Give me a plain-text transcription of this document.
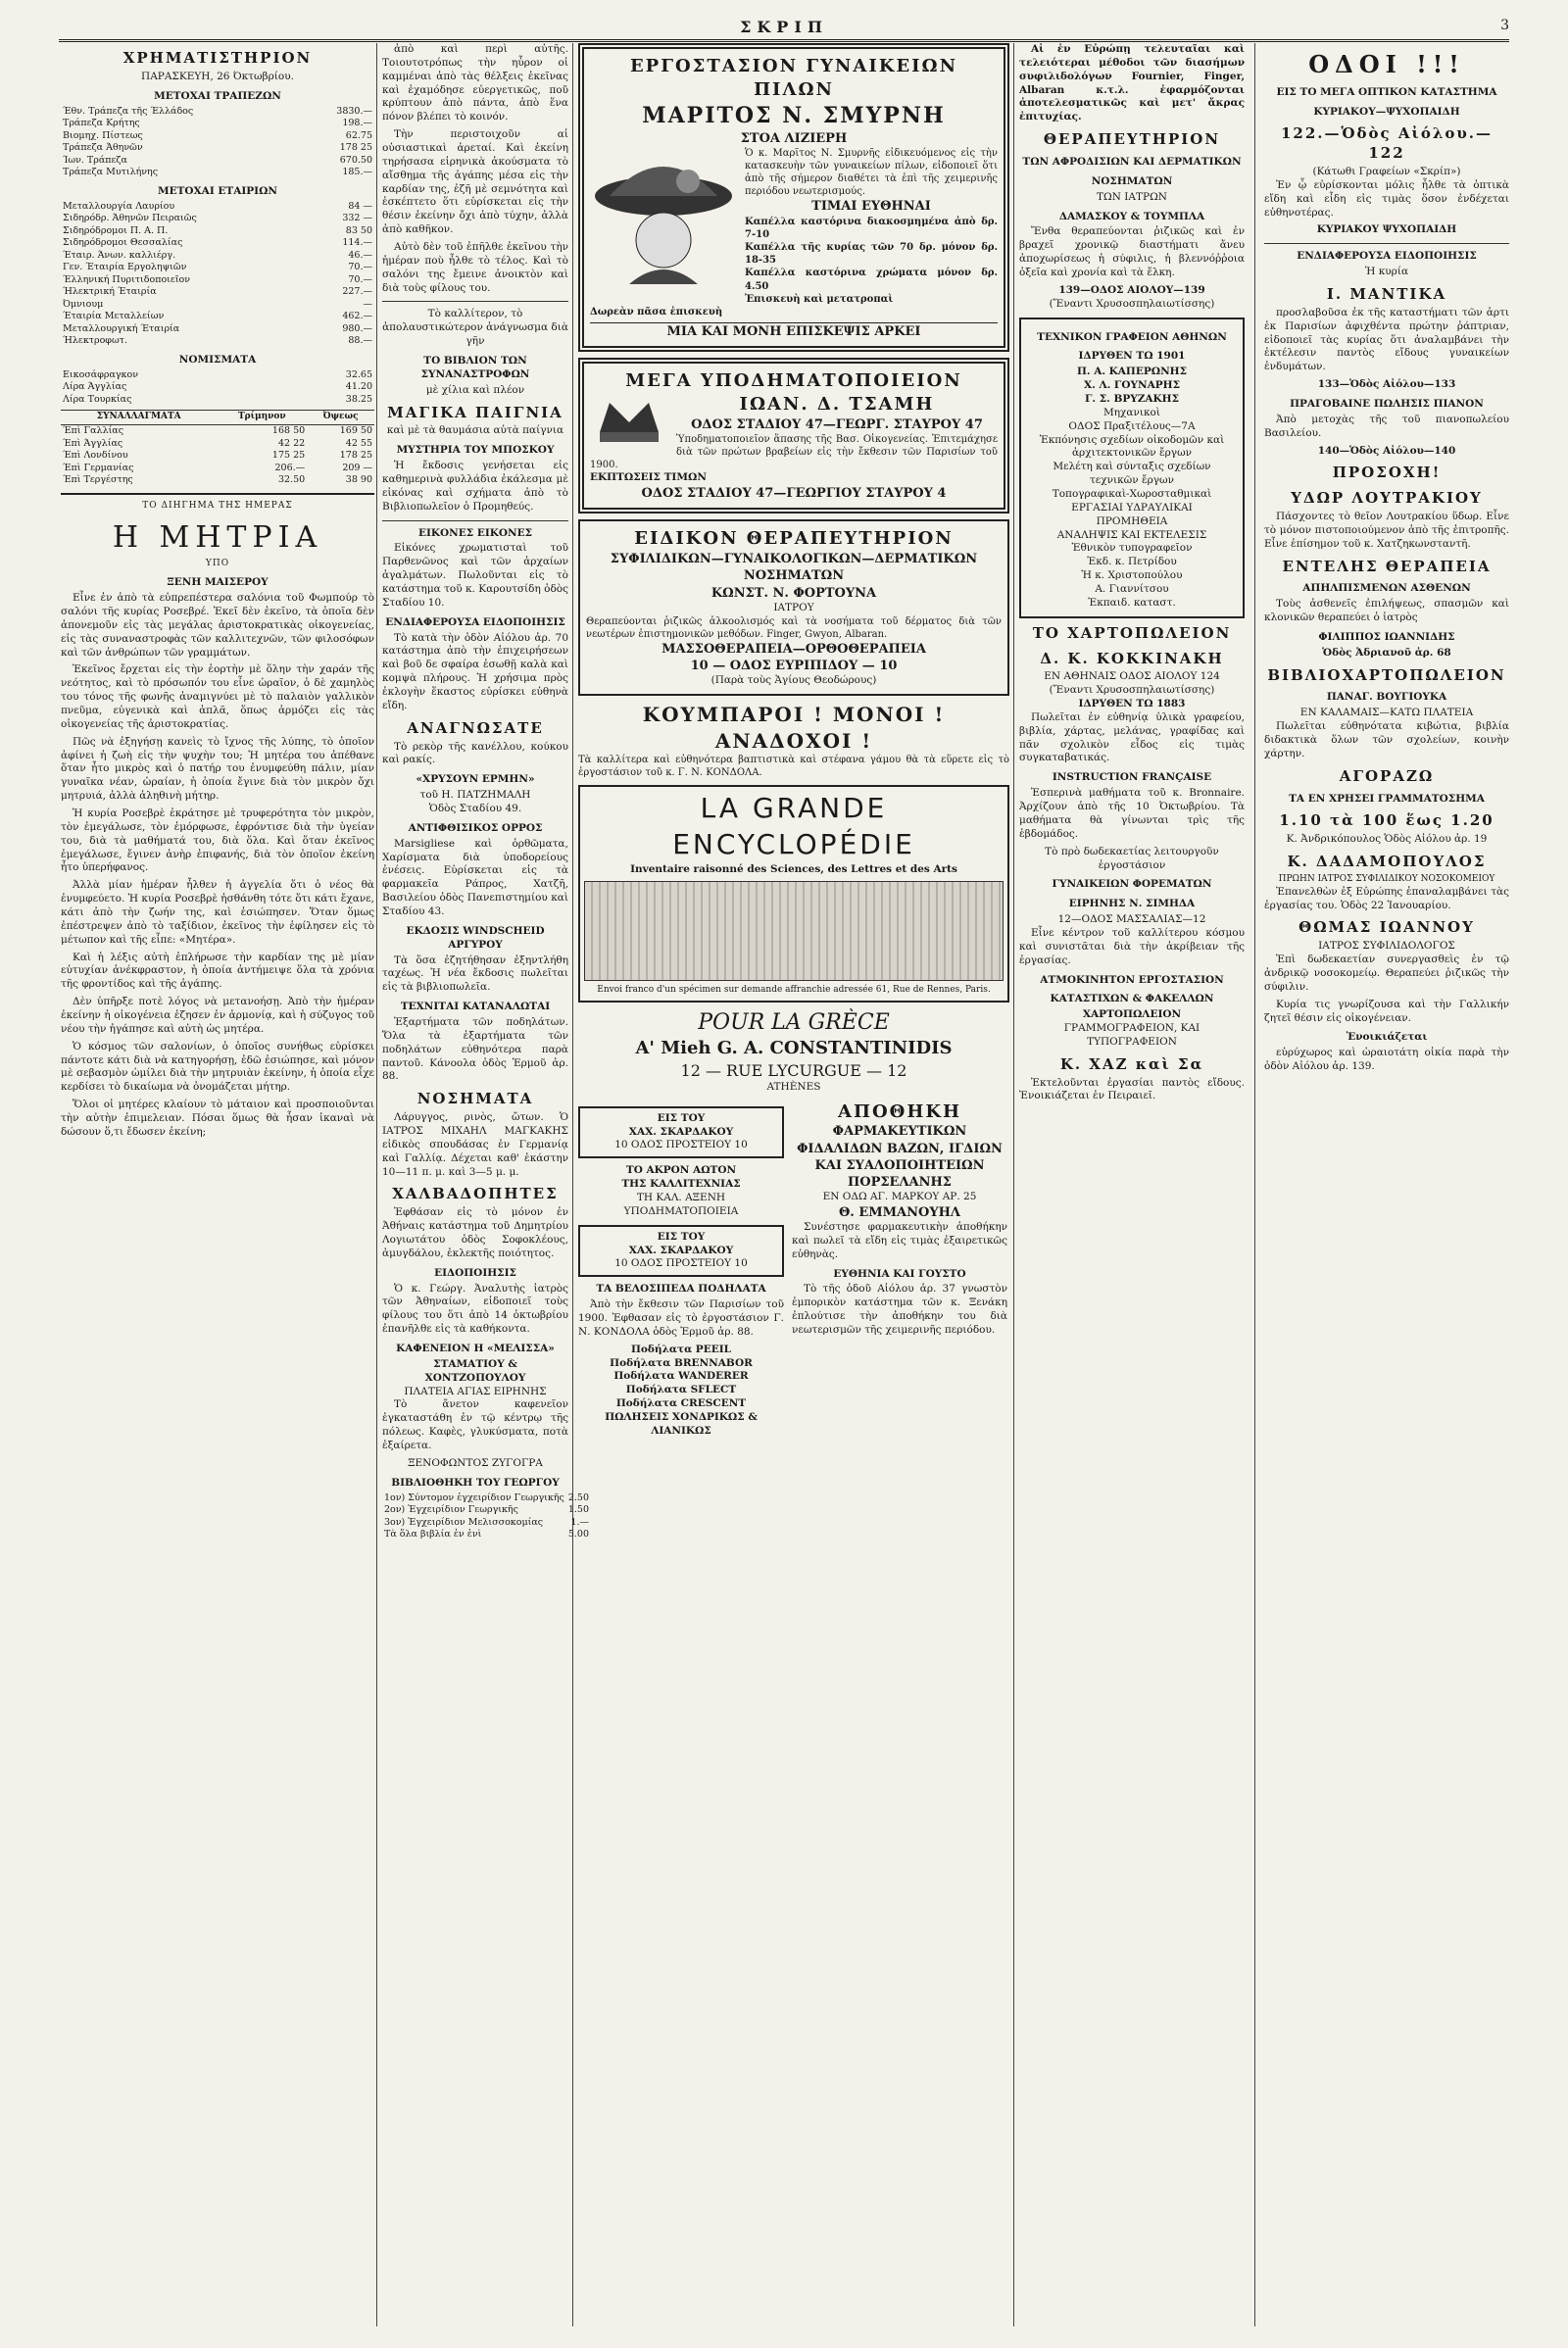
ΣΚΡΙΠ	3
ΧΡΗΜΑΤΙΣΤΗΡΙΟΝ
ΠΑΡΑΣΚΕΥΗ, 26 Όκτωβρίου.
ΜΕΤΟΧΑΙ ΤΡΑΠΕΖΩΝ
Έθν. Τράπεζα τῆς Έλλάδος	3830.—
Τράπεζα Κρήτης	198.—
Βιομηχ. Πίστεως	62.75
Τράπεζα Άθηνῶν	178 25
Ίων. Τράπεζα	670.50
Τράπεζα Μυτιλήνης	185.—
ΜΕΤΟΧΑΙ ΕΤΑΙΡΙΩΝ
Μεταλλουργία Λαυρίου	84 —
Σιδηρόδρ. Άθηνῶν Πειραιῶς	332 —
Σιδηρόδρομοι Π. Α. Π.	83 50
Σιδηρόδρομοι Θεσσαλίας	114.—
Έταιρ. Άνων. καλλιέργ.	46.—
Γεν. Έταιρία Εργοληψιῶν	70.—
Έλληνική Πυριτιδοποιεῖον	70.—
Ήλεκτρική Έταιρία	227.—
Όμνιουμ	—
Έταιρία Μεταλλείων	462.—
Μεταλλουργική Έταιρία	980.—
Ήλεκτροφωτ.	88.—
ΝΟΜΙΣΜΑΤΑ
Εικοσάφραγκον	32.65
Λίρα Άγγλίας	41.20
Λίρα Τουρκίας	38.25
ΣΥΝΑΛΛΑΓΜΑΤΑ	Τρίμηνον	Όψεως
Έπὶ Γαλλίας	168 50	169 50
Έπὶ Άγγλίας	42 22	42 55
Έπὶ Λονδίνου	175 25	178 25
Έπὶ Γερμανίας	206.—	209 —
Έπὶ Τεργέστης	32.50	38 90
ΤΟ ΔΙΗΓΗΜΑ ΤΗΣ ΗΜΕΡΑΣ
Η ΜΗΤΡΙΑ
ΥΠΟ
ΞΕΝΗ ΜΑΙΣΕΡΟΥ
Εἶνε ἐν ἀπὸ τὰ εὐπρεπέστερα σαλόνια τοῦ Φωμπούρ τὸ σαλόνι τῆς κυρίας Ροσεβρέ. Ἐκεῖ δὲν ἐκεῖνο, τὰ ὁποῖα δὲν ἀπονεμοῦν εἰς τὰς μεγάλας ἀριστοκρατικὰς οἰκογενείας, εἰς τὰς συναναστροφὰς τῶν καλλιτεχνῶν, τῶν φιλοσόφων καὶ τῶν ἀνθρώπων τῶν γραμμάτων.
Ἐκεῖνος ἔρχεται εἰς τὴν ἑορτὴν μὲ ὅλην τὴν χαράν τῆς νεότητος, καὶ τὸ πρόσωπόν του εἶνε ὡραῖον, ὁ δὲ χαμηλὸς του τόνος τῆς φωνῆς ἀναμιγνύει μὲ τὸ παλαιὸν γαλλικὸν πνεῦμα, εὐγενικὰ καὶ ἁπλᾶ, ὅπως ἁρμόζει εἰς τὰς οἰκογενείας τῆς ἀριστοκρατίας.
Πῶς νὰ ἐξηγήσῃ κανεὶς τὸ ἴχνος τῆς λύπης, τὸ ὁποῖον ἀφίνει ἡ ζωὴ εἰς τὴν ψυχὴν του; Ἡ μητέρα του ἀπέθανε ὅταν ἦτο μικρὸς καὶ ὁ πατήρ του ἐνυμφεύθη πάλιν, μίαν γυναῖκα νέαν, ὡραίαν, ἡ ὁποία ἔγινε διὰ τὸν μικρὸν ὄχι μητρυιά, ἀλλὰ ἀληθινὴ μήτηρ.
Ἡ κυρία Ροσεβρὲ ἐκράτησε μὲ τρυφερότητα τὸν μικρὸν, τὸν ἐμεγάλωσε, τὸν ἐμόρφωσε, ἐφρόντισε διὰ τὴν ὑγείαν του, διὰ τὰ μαθήματά του, διὰ ὅλα. Καὶ ὅταν ἐκεῖνος ἐμεγάλωσε, ἔγινεν ἀνὴρ ἐπιφανής, διὰ τὸν ὁποῖον ἐκείνη ἦτο ὑπερήφανος.
Ἀλλὰ μίαν ἡμέραν ἦλθεν ἡ ἀγγελία ὅτι ὁ νέος θὰ ἐνυμφεύετο. Ἡ κυρία Ροσεβρὲ ἠσθάνθη τότε ὅτι κάτι ἔχανε, κάτι ἀπὸ τὴν ζωήν της, καὶ ἐσιώπησεν. Ὅταν ὅμως ἐπέστρεψεν ἀπὸ τὸ ταξίδιον, ἐκεῖνος τὴν ἐφίλησεν εἰς τὸ μέτωπον καὶ τῆς εἶπε: «Μητέρα».
Καὶ ἡ λέξις αὐτὴ ἐπλήρωσε τὴν καρδίαν της μὲ μίαν εὐτυχίαν ἀνέκφραστον, ἡ ὁποία ἀντήμειψε ὅλα τὰ χρόνια τῆς φροντίδος καὶ τῆς ἀγάπης.
Δὲν ὑπῆρξε ποτὲ λόγος νὰ μετανοήσῃ. Ἀπὸ τὴν ἡμέραν ἐκείνην ἡ οἰκογένεια ἐζησεν ἐν ἁρμονίᾳ, καὶ ἡ σύζυγος τοῦ νέου τὴν ἠγάπησε καὶ αὐτὴ ὡς μητέρα.
Ὁ κόσμος τῶν σαλονίων, ὁ ὁποῖος συνήθως εὑρίσκει πάντοτε κάτι διὰ νὰ κατηγορήσῃ, ἐδῶ ἐσιώπησε, καὶ μόνον μὲ σεβασμὸν ὡμίλει διὰ τὴν μητρυιὰν ἐκείνην, ἡ ὁποία εἶχε κερδίσει τὸ δικαίωμα νὰ ὀνομάζεται μήτηρ.
Ὅλοι οἱ μητέρες κλαίουν τὸ μάταιον καὶ προσποιοῦνται τὴν αὐτὴν ἐπιμελειαν. Πόσαι ὅμως θὰ ἦσαν ἱκαναὶ νὰ δώσουν ὅ,τι ἔδωσεν ἐκείνη;
ἀπὸ καὶ περὶ αὐτῆς. Τοιουτοτρόπως τὴν ηὗρον οἱ καμμέναι ἀπὸ τὰς θέλξεις ἐκεῖνας καὶ ἐχαμόδησε εὐεργετικῶς, ποῦ κρύπτουν ἀπὸ πάντα, ἀπὸ ἕνα πόνον βλέπει τὸ κοινόν.
Τὴν περιστοιχοῦν αἱ οὐσιαστικαὶ ἀρεταί. Καὶ ἐκείνη τηρήσασα εἰρηνικὰ ἀκούσματα τὸ αἴσθημα τῆς ἀγάπης μέσα εἰς τὴν καρδίαν της, ἐζῆ μὲ σεμνότητα καὶ ἐσκέπτετο ὅτι εὑρίσκεται εἰς τὴν θέσιν ἐκείνην ὄχι ἀπὸ τύχην, ἀλλὰ ἀπὸ καθῆκον.
Αὐτὸ δὲν τοῦ ἐπῆλθε ἐκεῖνου τὴν ἡμέραν ποὺ ἦλθε τὸ τέλος. Καὶ τὸ σαλόνι της ἔμεινε ἀνοικτὸν καὶ διὰ τοὺς φίλους του.
Τὸ καλλίτερον, τὸ ἀπολαυστικώτερον ἀνάγνωσμα διὰ γῆν
ΤΟ ΒΙΒΛΙΟΝ ΤΩΝ ΣΥΝΑΝΑΣΤΡΟΦΩΝ
μὲ χίλια καὶ πλέον
ΜΑΓΙΚΑ ΠΑΙΓΝΙΑ
καὶ μὲ τὰ θαυμάσια αὐτὰ παίγνια
ΜΥΣΤΗΡΙΑ ΤΟΥ ΜΠΟΣΚΟΥ
Ἡ ἔκδοσις γενήσεται εἰς καθημερινὰ φυλλάδια ἐκάλεσμα μὲ εἰκόνας καὶ σχήματα ἀπὸ τὸ Βιβλιοπωλεῖον ὁ Προμηθεύς.
ΕΙΚΟΝΕΣ ΕΙΚΟΝΕΣ
Εἰκόνες χρωματισταὶ τοῦ Παρθενῶνος καὶ τῶν ἀρχαίων ἀγαλμάτων. Πωλοῦνται εἰς τὸ κατάστημα τοῦ κ. Καρουτσίδη ὁδὸς Σταδίου 10.
ΕΝΔΙΑΦΕΡΟΥΣΑ ΕΙΔΟΠΟΙΗΣΙΣ
Τὸ κατὰ τὴν ὁδὸν Αἰόλου ἀρ. 70 κατάστημα ἀπὸ τὴν ἐπιχειρήσεων καὶ βοῦ δε σφαίρα ἐσωθῇ καλὰ καὶ κομψὰ πλήρους. Ἡ χρήσιμα πρὸς ἐκλογὴν ἕκαστος εὑρίσκει εὐθηνὰ εἴδη.
ΑΝΑΓΝΩΣΑΤΕ
Τὸ ρεκὸρ τῆς κανέλλου, κούκου καὶ ρακίς.
«ΧΡΥΣΟΥΝ ΕΡΜΗΝ»
τοῦ Η. ΠΑΤΖΗΜΑΛΗ
Ὁδὸς Σταδίου 49.
ΑΝΤΙΦΘΙΣΙΚΟΣ ΟΡΡΟΣ
Marsigliese καὶ ὀρθῶματα, Χαρίσματα διὰ ὑποδορείους ἐνέσεις. Εὑρίσκεται εἰς τὰ φαρμακεῖα Ράπρος, Χατζῆ, Βασιλείου ὁδὸς Πανεπιστημίου καὶ Σταδίου 43.
ΕΚΔΟΣΙΣ WINDSCHEID ΑΡΓΥΡΟΥ
Τὰ ὅσα ἐζητήθησαν ἐξηντλήθη ταχέως. Ἡ νέα ἔκδοσις πωλεῖται εἰς τὰ βιβλιοπωλεῖα.
ΤΕΧΝΙΤΑΙ ΚΑΤΑΝΑΛΩΤΑΙ
Ἐξαρτήματα τῶν ποδηλάτων. Ὅλα τὰ ἐξαρτήματα τῶν ποδηλάτων εὐθηνότερα παρὰ παντοῦ. Κάνοολα ὁδὸς Ἑρμοῦ ἀρ. 88.
ΝΟΣΗΜΑΤΑ
Λάρυγγος, ρινὸς, ὤτων. Ὁ ΙΑΤΡΟΣ ΜΙΧΑΗΛ ΜΑΓΚΑΚΗΣ εἰδικὸς σπουδάσας ἐν Γερμανίᾳ καὶ Γαλλίᾳ. Δέχεται καθ' ἑκάστην 10—11 π. μ. καὶ 3—5 μ. μ.
ΧΑΛΒΑΔΟΠΗΤΕΣ
Ἐφθάσαν εἰς τὸ μόνον ἐν Ἀθήναις κατάστημα τοῦ Δημητρίου Λογιωτάτου ὁδὸς Σοφοκλέους, ἀμυγδάλου, ἐκλεκτῆς ποιότητος.
ΕΙΔΟΠΟΙΗΣΙΣ
Ὁ κ. Γεώργ. Ἀναλυτὴς ἱατρὸς τῶν Ἀθηναίων, εἰδοποιεῖ τοὺς φίλους του ὅτι ἀπὸ 14 ὀκτωβρίου ἐπανῆλθε εἰς τὰ καθήκοντα.
ΚΑΦΕΝΕΙΟΝ Η «ΜΕΛΙΣΣΑ»
ΣΤΑΜΑΤΙΟΥ & ΧΟΝΤΖΟΠΟΥΛΟΥ
ΠΛΑΤΕΙΑ ΑΓΙΑΣ ΕΙΡΗΝΗΣ
Τὸ ἄνετον καφενεῖον ἐγκαταστάθη ἐν τῷ κέντρῳ τῆς πόλεως. Καφὲς, γλυκύσματα, ποτὰ ἐξαίρετα.
ΞΕΝΟΦΩΝΤΟΣ ΖΥΓΟΓΡΑ
ΒΙΒΛΙΟΘΗΚΗ ΤΟΥ ΓΕΩΡΓΟΥ
1ον) Σύντομον ἐγχειρίδιον Γεωργικῆς	2.50
2ον) Ἐγχειρίδιον Γεωργικῆς	1.50
3ον) Ἐγχειρίδιον Μελισσοκομίας	1.—
Τὰ ὅλα βιβλία ἐν ἑνὶ	5.00
ΕΡΓΟΣΤΑΣΙΟΝ ΓΥΝΑΙΚΕΙΩΝ ΠΙΛΩΝ
ΜΑΡΙΤΟΣ Ν. ΣΜΥΡΝΗ
ΣΤΟΑ ΛΙΖΙΕΡΗ
Ὁ κ. Μαρῖτος Ν. Σμυρνῆς εἰδικευόμενος εἰς τὴν κατασκευὴν τῶν γυναικείων πίλων, εἰδοποιεῖ ὅτι ἀπὸ τῆς σήμερον διαθέτει τὰ ἐπὶ τῆς χειμερινῆς περιόδου νεωτερισμούς.
ΤΙΜΑΙ ΕΥΘΗΝΑΙ
Καπέλλα καστόρινα διακοσμημένα ἀπὸ δρ. 7-10
Καπέλλα τῆς κυρίας τῶν 70 δρ. μόνον δρ. 18-35
Καπέλλα καστόρινα χρώματα μόνον δρ. 4.50
Ἐπισκευὴ καὶ μετατροπαὶ
Δωρεὰν πᾶσα ἐπισκευὴ
ΜΙΑ ΚΑΙ ΜΟΝΗ ΕΠΙΣΚΕΨΙΣ ΑΡΚΕΙ
ΜΕΓΑ ΥΠΟΔΗΜΑΤΟΠΟΙΕΙΟΝ
ΙΩΑΝ. Δ. ΤΣΑΜΗ
ΟΔΟΣ ΣΤΑΔΙΟΥ 47—ΓΕΩΡΓ. ΣΤΑΥΡΟΥ 47
Ὑποδηματοποιεῖον ἅπασης τῆς Βασ. Οἰκογενείας. Ἐπιτεμάχησε διὰ τῶν πρώτων βραβείων εἰς τὴν ἔκθεσιν τῶν Παρισίων τοῦ 1900.
ΕΚΠΤΩΣΕΙΣ ΤΙΜΩΝ
ΟΔΟΣ ΣΤΑΔΙΟΥ 47—ΓΕΩΡΓΙΟΥ ΣΤΑΥΡΟΥ 4
ΕΙΔΙΚΟΝ ΘΕΡΑΠΕΥΤΗΡΙΟΝ
ΣΥΦΙΛΙΔΙΚΩΝ—ΓΥΝΑΙΚΟΛΟΓΙΚΩΝ—ΔΕΡΜΑΤΙΚΩΝ ΝΟΣΗΜΑΤΩΝ
ΚΩΝΣΤ. Ν. ΦΟΡΤΟΥΝΑ
ΙΑΤΡΟΥ
Θεραπεύονται ῥιζικῶς ἀλκοολισμός καὶ τὰ νοσήματα τοῦ δέρματος διὰ τῶν νεωτέρων ἐπιστημονικῶν μεθόδων. Finger, Gwyon, Albaran.
ΜΑΣΣΟΘΕΡΑΠΕΙΑ—ΟΡΘΟΘΕΡΑΠΕΙΑ
10 — ΟΔΟΣ ΕΥΡΙΠΙΔΟΥ — 10
(Παρὰ τοὺς Ἁγίους Θεοδώρους)
ΚΟΥΜΠΑΡΟΙ ! ΜΟΝΟΙ ! ΑΝΑΔΟΧΟΙ !
Τὰ καλλίτερα καὶ εὐθηνότερα βαπτιστικὰ καὶ στέφανα γάμου θὰ τὰ εὕρετε εἰς τὸ ἐργοστάσιον τοῦ κ. Γ. Ν. ΚΟΝΔΟΛΑ.
LA GRANDE ENCYCLOPÉDIE
Inventaire raisonné des Sciences, des Lettres et des Arts
Envoi franco d'un spécimen sur demande affranchie adressée 61, Rue de Rennes, Paris.
POUR LA GRÈCE
A' Mieh G. A. CONSTANTINIDIS
12 — RUE LYCURGUE — 12
ATHÈNES
ΕΙΣ ΤΟΥ
ΧΑΧ. ΣΚΑΡΔΑΚΟΥ
10 ΟΔΟΣ ΠΡΟΣΤΕΙΟΥ 10
ΤΟ ΑΚΡΟΝ ΑΩΤΟΝ
ΤΗΣ ΚΑΛΛΙΤΕΧΝΙΑΣ
ΤΗ ΚΑΛ. ΑΞΕΝΗ ΥΠΟΔΗΜΑΤΟΠΟΙΕΙΑ
ΕΙΣ ΤΟΥ
ΧΑΧ. ΣΚΑΡΔΑΚΟΥ
10 ΟΔΟΣ ΠΡΟΣΤΕΙΟΥ 10
ΤΑ ΒΕΛΟΣΙΠΕΔΑ ΠΟΔΗΛΑΤΑ
Ἀπὸ τὴν ἔκθεσιν τῶν Παρισίων τοῦ 1900. Ἐφθασαν εἰς τὸ ἐργοστάσιον Γ. Ν. ΚΟΝΔΟΛΑ ὁδὸς Ἑρμοῦ ἀρ. 88.
Ποδήλατα PEEIL
Ποδήλατα BRENNABOR
Ποδήλατα WANDERER
Ποδήλατα SFLECT
Ποδήλατα CRESCENT
ΠΩΛΗΣΕΙΣ ΧΟΝΔΡΙΚΩΣ & ΛΙΑΝΙΚΩΣ
ΑΠΟΘΗΚΗ
ΦΑΡΜΑΚΕΥΤΙΚΩΝ ΦΙΔΑΛΙΔΩΝ ΒΑΖΩΝ, ΙΓΔΙΩΝ
ΚΑΙ ΣΥΑΛΟΠΟΙΗΤΕΙΩΝ ΠΟΡΣΕΛΑΝΗΣ
ΕΝ ΟΔΩ ΑΓ. ΜΑΡΚΟΥ ΑΡ. 25
Θ. ΕΜΜΑΝΟΥΗΛ
Συνέστησε φαρμακευτικὴν ἀποθήκην καὶ πωλεῖ τὰ εἴδη εἰς τιμὰς ἐξαιρετικῶς εὐθηνὰς.
ΕΥΘΗΝΙΑ ΚΑΙ ΓΟΥΣΤΟ
Τὸ τῆς ὁδοῦ Αἰόλου ἀρ. 37 γνωστὸν ἐμπορικὸν κατάστημα τῶν κ. Ξενάκη ἐπλούτισε τὴν ἀποθήκην του διὰ νεωτερισμῶν τῆς χειμερινῆς περιόδου.
Αἱ ἐν Εὐρώπῃ τελευταῖαι καὶ τελειότεραι μέθοδοι τῶν διασήμων συφιλιδολόγων Fournier, Finger, Albaran κ.τ.λ. ἐφαρμόζονται ἀποτελεσματικῶς καὶ μετ' ἄκρας ἐπιτυχίας.
ΘΕΡΑΠΕΥΤΗΡΙΟΝ
ΤΩΝ ΑΦΡΟΔΙΣΙΩΝ ΚΑΙ ΔΕΡΜΑΤΙΚΩΝ
ΝΟΣΗΜΑΤΩΝ
ΤΩΝ ΙΑΤΡΩΝ
ΔΑΜΑΣΚΟΥ & ΤΟΥΜΠΛΑ
Ἔνθα θεραπεύονται ῥιζικῶς καὶ ἐν βραχεῖ χρονικῷ διαστήματι ἄνευ ἀποχωρίσεως ἡ σύφιλις, ἡ βλεννόῤῥοια ὀξεῖα καὶ χρονία καὶ τὰ ἕλκη.
139—ΟΔΟΣ ΑΙΟΛΟΥ—139
(Ἔναντι Χρυσοσπηλαιωτίσσης)
ΤΕΧΝΙΚΟΝ ΓΡΑΦΕΙΟΝ ΑΘΗΝΩΝ
ΙΔΡΥΘΕΝ ΤΩ 1901
Π. Α. ΚΑΠΕΡΩΝΗΣ
Χ. Λ. ΓΟΥΝΑΡΗΣ
Γ. Σ. ΒΡΥΖΑΚΗΣ
Μηχανικοὶ
ΟΔΟΣ Πραξιτέλους—7Α
Ἐκπόνησις σχεδίων οἰκοδομῶν καὶ ἀρχιτεκτονικῶν ἔργων
Μελέτη καὶ σύνταξις σχεδίων τεχνικῶν ἔργων
Τοπογραφικαὶ-Χωροσταθμικαὶ
ΕΡΓΑΣΙΑΙ ΥΔΡΑΥΛΙΚΑΙ
ΠΡΟΜΗΘΕΙΑ
ΑΝΑΛΗΨΙΣ ΚΑΙ ΕΚΤΕΛΕΣΙΣ
Ἐθνικὸν τυπογραφεῖον
Ἐκδ. κ. Πετρίδου
Ἡ κ. Χριστοπούλου
Α. Γιαννίτσου
Ἐκπαιδ. καταστ.
ΤΟ ΧΑΡΤΟΠΩΛΕΙΟΝ
Δ. Κ. ΚΟΚΚΙΝΑΚΗ
ΕΝ ΑΘΗΝΑΙΣ ΟΔΟΣ ΑΙΟΛΟΥ 124
(Ἔναντι Χρυσοσπηλαιωτίσσης)
ΙΔΡΥΘΕΝ ΤΩ 1883
Πωλεῖται ἐν εὐθηνίᾳ ὑλικὰ γραφείου, βιβλία, χάρτας, μελάνας, γραφίδας καὶ πᾶν σχολικὸν εἶδος εἰς τιμὰς συγκαταβατικάς.
INSTRUCTION FRANÇAISE
Ἐσπερινὰ μαθήματα τοῦ κ. Bronnaire. Ἀρχίζουν ἀπὸ τῆς 10 Ὀκτωβρίου. Τὰ μαθήματα θὰ γίνωνται τρὶς τῆς ἑβδομάδος.
Τὸ πρὸ δωδεκαετίας λειτουργοῦν ἐργοστάσιον
ΓΥΝΑΙΚΕΙΩΝ ΦΟΡΕΜΑΤΩΝ
ΕΙΡΗΝΗΣ Ν. ΣΙΜΗΔΑ
12—ΟΔΟΣ ΜΑΣΣΑΛΙΑΣ—12
Εἶνε κέντρον τοῦ καλλίτερου κόσμου καὶ συνιστᾶται διὰ τὴν ἀκρίβειαν τῆς ἐργασίας.
ΑΤΜΟΚΙΝΗΤΟΝ ΕΡΓΟΣΤΑΣΙΟΝ
ΚΑΤΑΣΤΙΧΩΝ & ΦΑΚΕΛΛΩΝ
ΧΑΡΤΟΠΩΛΕΙΟΝ
ΓΡΑΜΜΟΓΡΑΦΕΙΟΝ, ΚΑΙ ΤΥΠΟΓΡΑΦΕΙΟΝ
Κ. ΧΑΖ καὶ Σα
Ἐκτελοῦνται ἐργασίαι παντὸς εἴδους. Ἐνοικιάζεται ἐν Πειραιεῖ.
ΟΔΟΙ !!!
ΕΙΣ ΤΟ ΜΕΓΑ ΟΠΤΙΚΟΝ ΚΑΤΑΣΤΗΜΑ
ΚΥΡΙΑΚΟΥ—ΨΥΧΟΠΑΙΔΗ
122.—Ὁδὸς Αἰόλου.—122
(Κάτωθι Γραφείων «Σκρίπ»)
Ἐν ᾧ εὑρίσκονται μόλις ἦλθε τὰ ὀπτικὰ εἴδη καὶ εἶδη εἰς τιμὰς ὅσον ἐνδέχεται εὐθηνοτέρας.
ΚΥΡΙΑΚΟΥ ΨΥΧΟΠΑΙΔΗ
ΕΝΔΙΑΦΕΡΟΥΣΑ ΕΙΔΟΠΟΙΗΣΙΣ
Ἡ κυρία
Ι. ΜΑΝΤΙΚΑ
προσλαβοῦσα ἐκ τῆς καταστήματι τῶν ἀρτι ἐκ Παρισίων ἀφιχθέντα πρώτην ῥάπτριαν, εἰδοποιεῖ τὰς κυρίας ὅτι ἀναλαμβάνει τὴν ἐκτέλεσιν παντὸς εἴδους γυναικείων ἐνδυμάτων.
133—Ὁδὸς Αἰόλου—133
ΠΡΑΓΟΒΑΙΝΕ ΠΩΛΗΣΙΣ ΠΙΑΝΟΝ
Ἀπὸ μετοχὰς τῆς τοῦ πιανοπωλείου Βασιλείου.
140—Ὁδὸς Αἰόλου—140
ΠΡΟΣΟΧΗ!
ΥΔΩΡ ΛΟΥΤΡΑΚΙΟΥ
Πάσχοντες τὸ θεῖον Λουτρακίου ὕδωρ. Εἶνε τὸ μόνον πιστοποιούμενον ἀπὸ τῆς ἐπιτροπῆς. Εἶνε ἐπίσημον τοῦ κ. Χατζηκωνσταντῆ.
ΕΝΤΕΛΗΣ ΘΕΡΑΠΕΙΑ
ΑΠΗΛΠΙΣΜΕΝΩΝ ΑΣΘΕΝΩΝ
Τοὺς ἀσθενεῖς ἐπιλήψεως, σπασμῶν καὶ κλονικῶν θεραπεύει ὁ ἰατρὸς
ΦΙΛΙΠΠΟΣ ΙΩΑΝΝΙΔΗΣ
Ὁδὸς Ἀδριανοῦ ἀρ. 68
ΒΙΒΛΙΟΧΑΡΤΟΠΩΛΕΙΟΝ
ΠΑΝΑΓ. ΒΟΥΓΙΟΥΚΑ
ΕΝ ΚΑΛΑΜΑΙΣ—ΚΑΤΩ ΠΛΑΤΕΙΑ
Πωλεῖται εὐθηνότατα κιβώτια, βιβλία διδακτικὰ ὅλων τῶν σχολείων, κοινὴν χάρτην.
ΑΓΟΡΑΖΩ
ΤΑ ΕΝ ΧΡΗΣΕΙ ΓΡΑΜΜΑΤΟΣΗΜΑ
1.10 τὰ 100 ἕως 1.20
Κ. Ἀνδρικόπουλος Ὁδὸς Αἰόλου ἀρ. 19
Κ. ΔΑΔΑΜΟΠΟΥΛΟΣ
ΠΡΩΗΝ ΙΑΤΡΟΣ ΣΥΦΙΛΙΔΙΚΟΥ ΝΟΣΟΚΟΜΕΙΟΥ
Ἐπανελθὼν ἐξ Εὐρώπης ἐπαναλαμβάνει τὰς ἐργασίας του. Ὁδὸς 22 Ἰανουαρίου.
ΘΩΜΑΣ ΙΩΑΝΝΟΥ
ΙΑΤΡΟΣ ΣΥΦΙΛΙΔΟΛΟΓΟΣ
Ἐπὶ δωδεκαετίαν συνεργασθεὶς ἐν τῷ ἀνδρικῷ νοσοκομείῳ. Θεραπεύει ῥιζικῶς τὴν σύφιλιν.
Κυρία τις γνωρίζουσα καὶ τὴν Γαλλικήν ζητεῖ θέσιν εἰς οἰκογένειαν.
Ἐνοικιάζεται
εὐρύχωρος καὶ ὡραιοτάτη οἰκία παρὰ τὴν ὁδὸν Αἰόλου ἀρ. 139.
